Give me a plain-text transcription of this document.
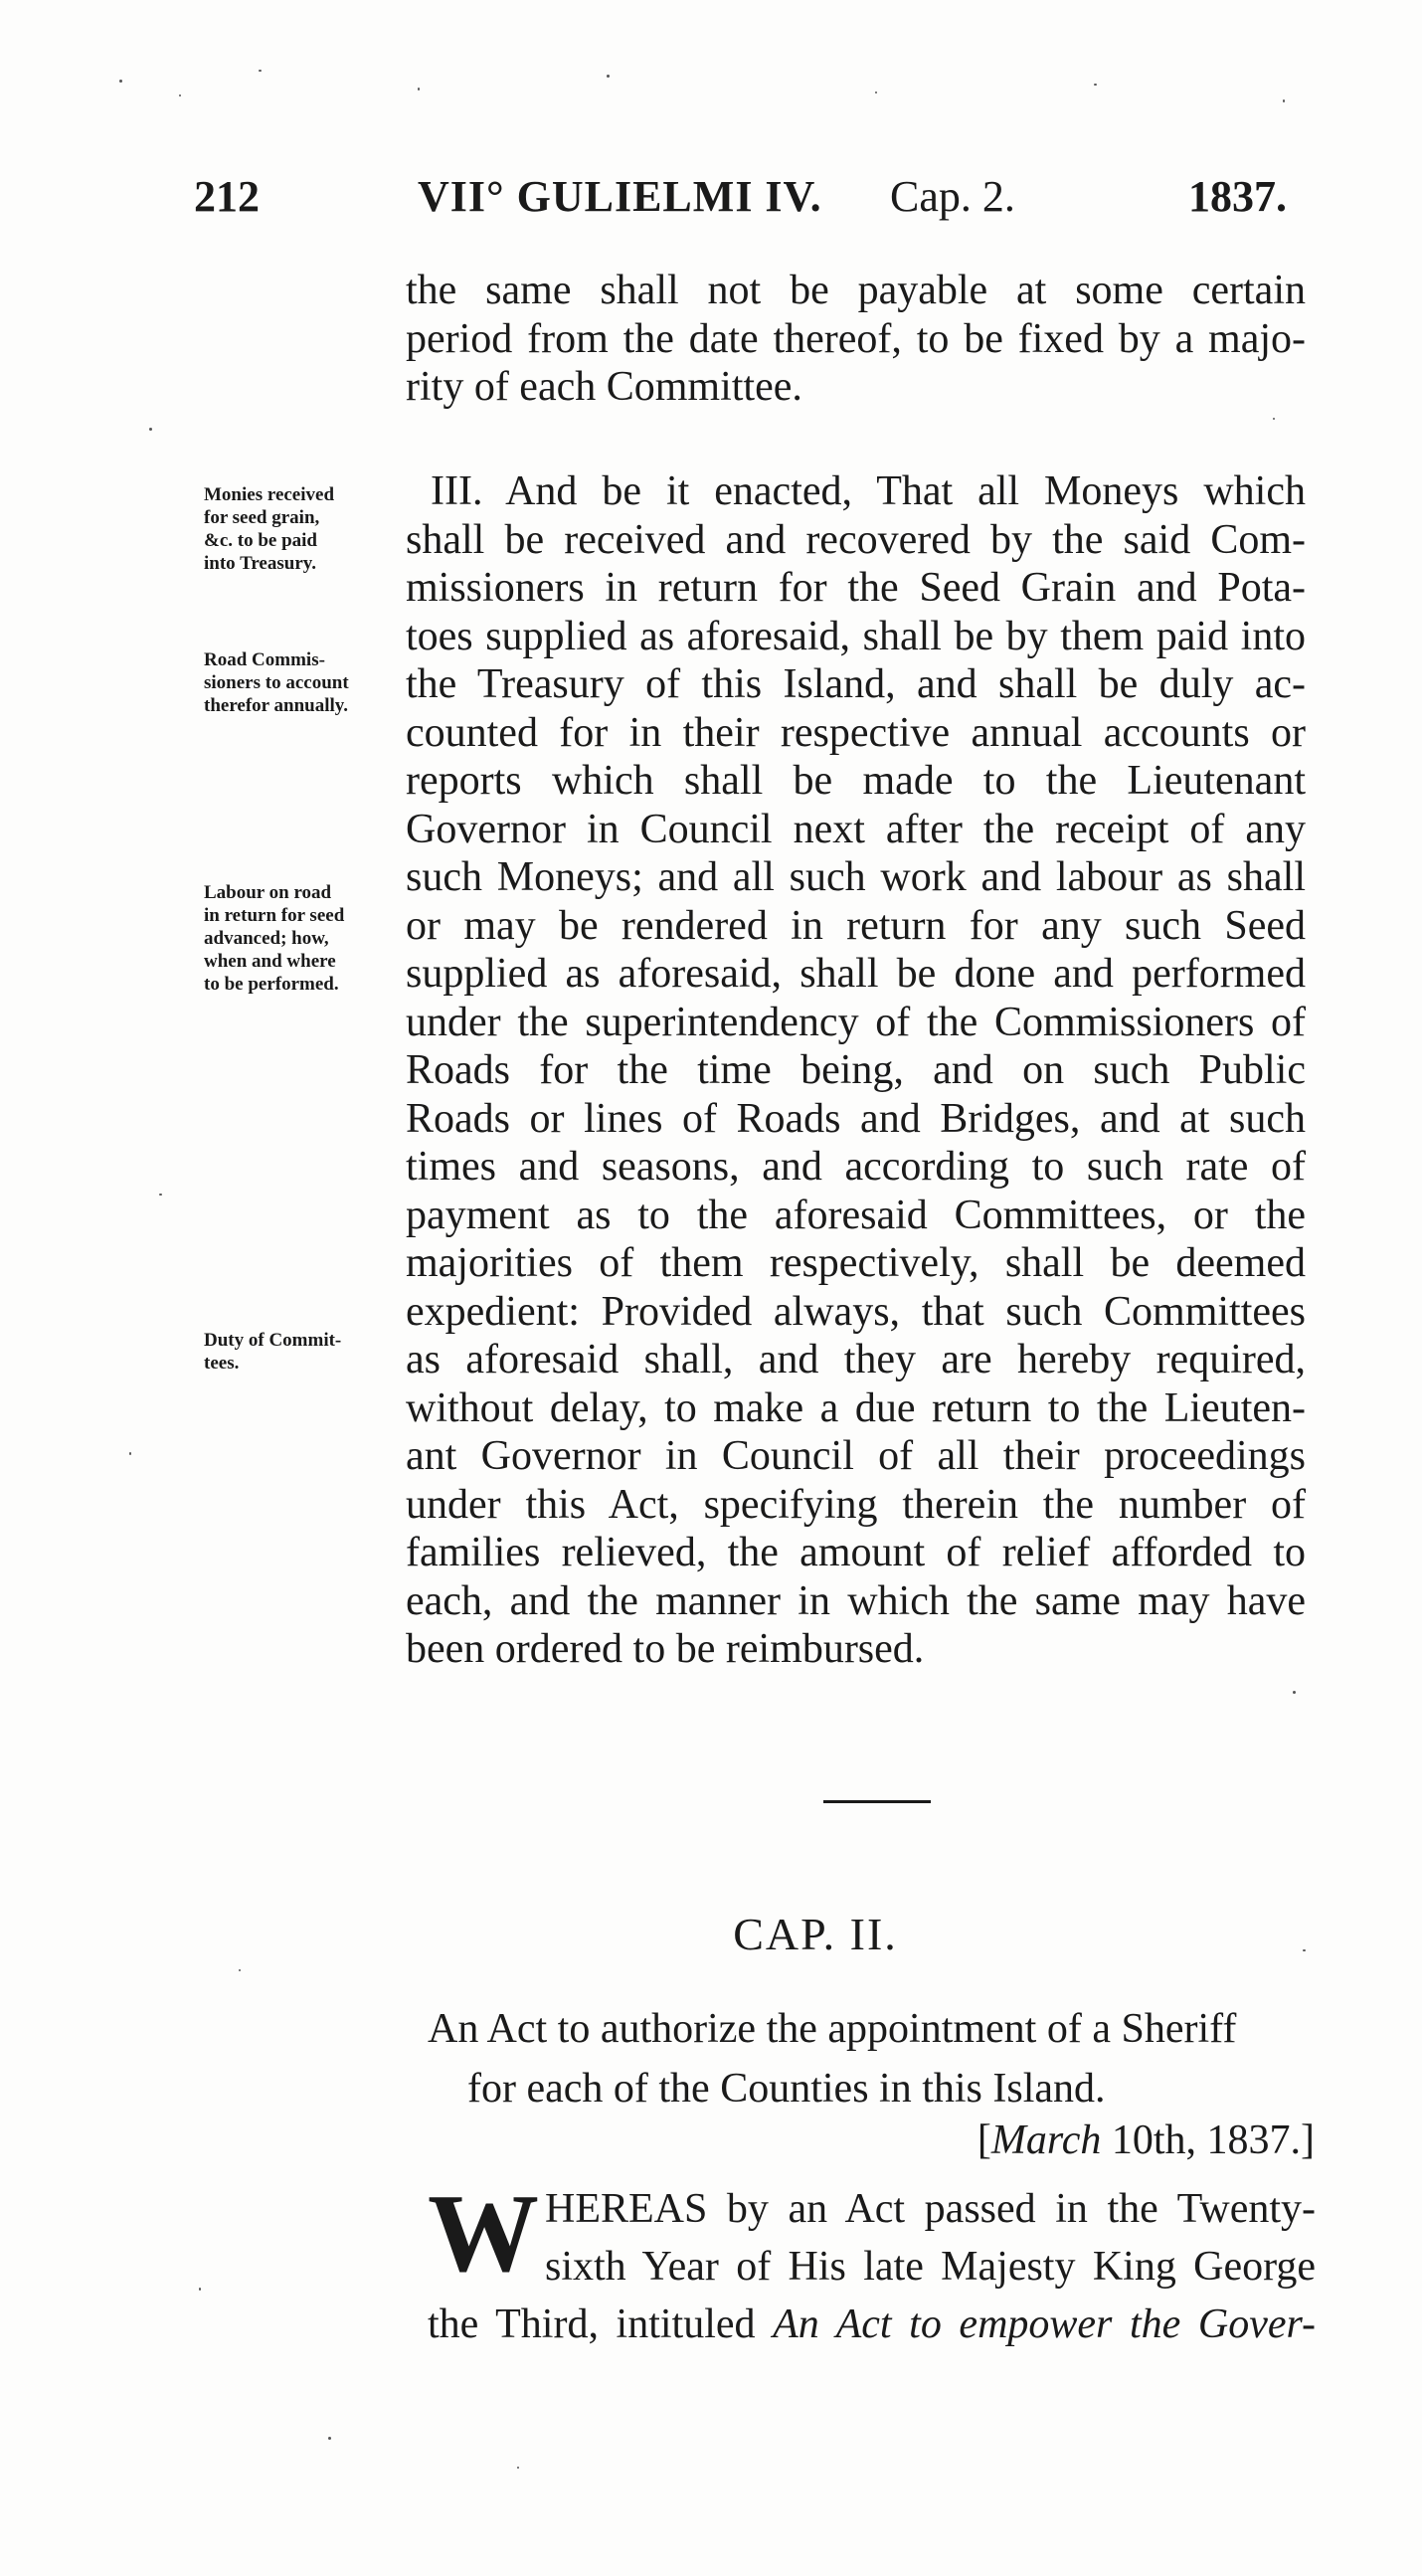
212	VII° GULIELMI IV. Cap. 2.	1837.
the same shall not be payable at some certain
period from the date thereof, to be fixed by a majo-
rity of each Committee.
Monies received
for seed grain,
&c. to be paid
into Treasury.
Road Commis-
sioners to account
therefor annually.
Labour on road
in return for seed
advanced; how,
when and where
to be performed.
Duty of Commit-
tees.
III. And be it enacted, That all Moneys which
shall be received and recovered by the said Com-
missioners in return for the Seed Grain and Pota-
toes supplied as aforesaid, shall be by them paid into
the Treasury of this Island, and shall be duly ac-
counted for in their respective annual accounts or
reports which shall be made to the Lieutenant
Governor in Council next after the receipt of any
such Moneys; and all such work and labour as shall
or may be rendered in return for any such Seed
supplied as aforesaid, shall be done and performed
under the superintendency of the Commissioners of
Roads for the time being, and on such Public
Roads or lines of Roads and Bridges, and at such
times and seasons, and according to such rate of
payment as to the aforesaid Committees, or the
majorities of them respectively, shall be deemed
expedient: Provided always, that such Committees
as aforesaid shall, and they are hereby required,
without delay, to make a due return to the Lieuten-
ant Governor in Council of all their proceedings
under this Act, specifying therein the number of
families relieved, the amount of relief afforded to
each, and the manner in which the same may have
been ordered to be reimbursed.
CAP. II.
An Act to authorize the appointment of a Sheriff
for each of the Counties in this Island.
[March 10th, 1837.]
W HEREAS by an Act passed in the Twenty-
sixth Year of His late Majesty King George
the Third, intituled An Act to empower the Gover-
